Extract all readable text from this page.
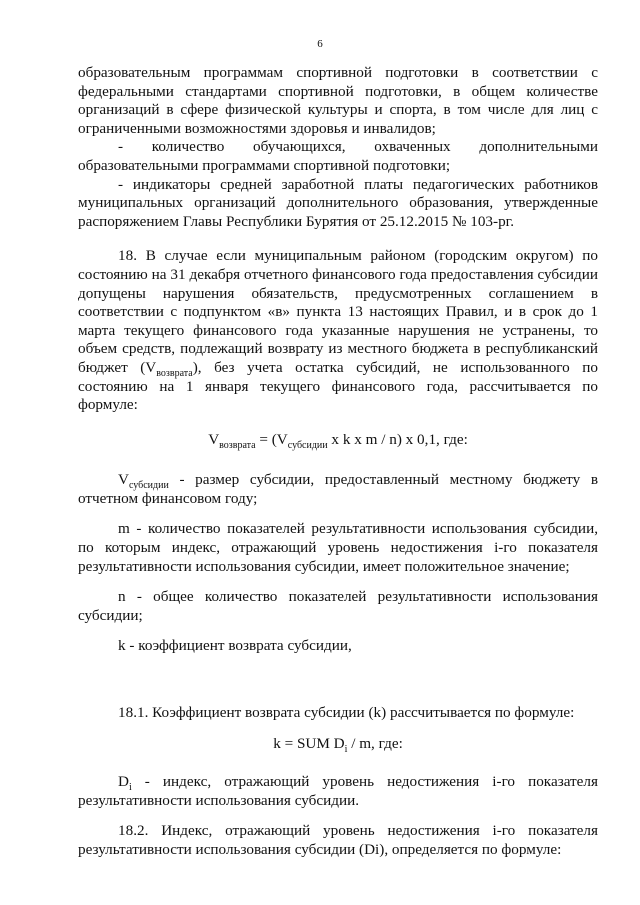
6

образовательным программам спортивной подготовки в соответствии с федеральными стандартами спортивной подготовки, в общем количестве организаций в сфере физической культуры и спорта, в том числе для лиц с ограниченными возможностями здоровья и инвалидов;

- количество обучающихся, охваченных дополнительными образовательными программами спортивной подготовки;

- индикаторы средней заработной платы педагогических работников муниципальных организаций дополнительного образования, утвержденные распоряжением Главы Республики Бурятия от 25.12.2015 № 103-рг.

18. В случае если муниципальным районом (городским округом) по состоянию на 31 декабря отчетного финансового года предоставления субсидии допущены нарушения обязательств, предусмотренных соглашением в соответствии с подпунктом «в» пункта 13 настоящих Правил, и в срок до 1 марта текущего финансового года указанные нарушения не устранены, то объем средств, подлежащий возврату из местного бюджета в республиканский бюджет $(V_{возврата})$, без учета остатка субсидий, не использованного по состоянию на 1 января текущего финансового года, рассчитывается по формуле:

$V_{возврата} = (V_{субсидии}$ x k x m / n) x 0,1, где:

$V_{субсидии}$ - размер субсидии, предоставленный местному бюджету в отчетном финансовом году;

m - количество показателей результативности использования субсидии, по которым индекс, отражающий уровень недостижения i-го показателя результативности использования субсидии, имеет положительное значение;

n - общее количество показателей результативности использования субсидии;

k - коэффициент возврата субсидии,

18.1. Коэффициент возврата субсидии (k) рассчитывается по формуле:

k = SUM $D_i$ / m, где:

$D_i$ - индекс, отражающий уровень недостижения i-го показателя результативности использования субсидии.

18.2. Индекс, отражающий уровень недостижения i-го показателя результативности использования субсидии (Di), определяется по формуле:
